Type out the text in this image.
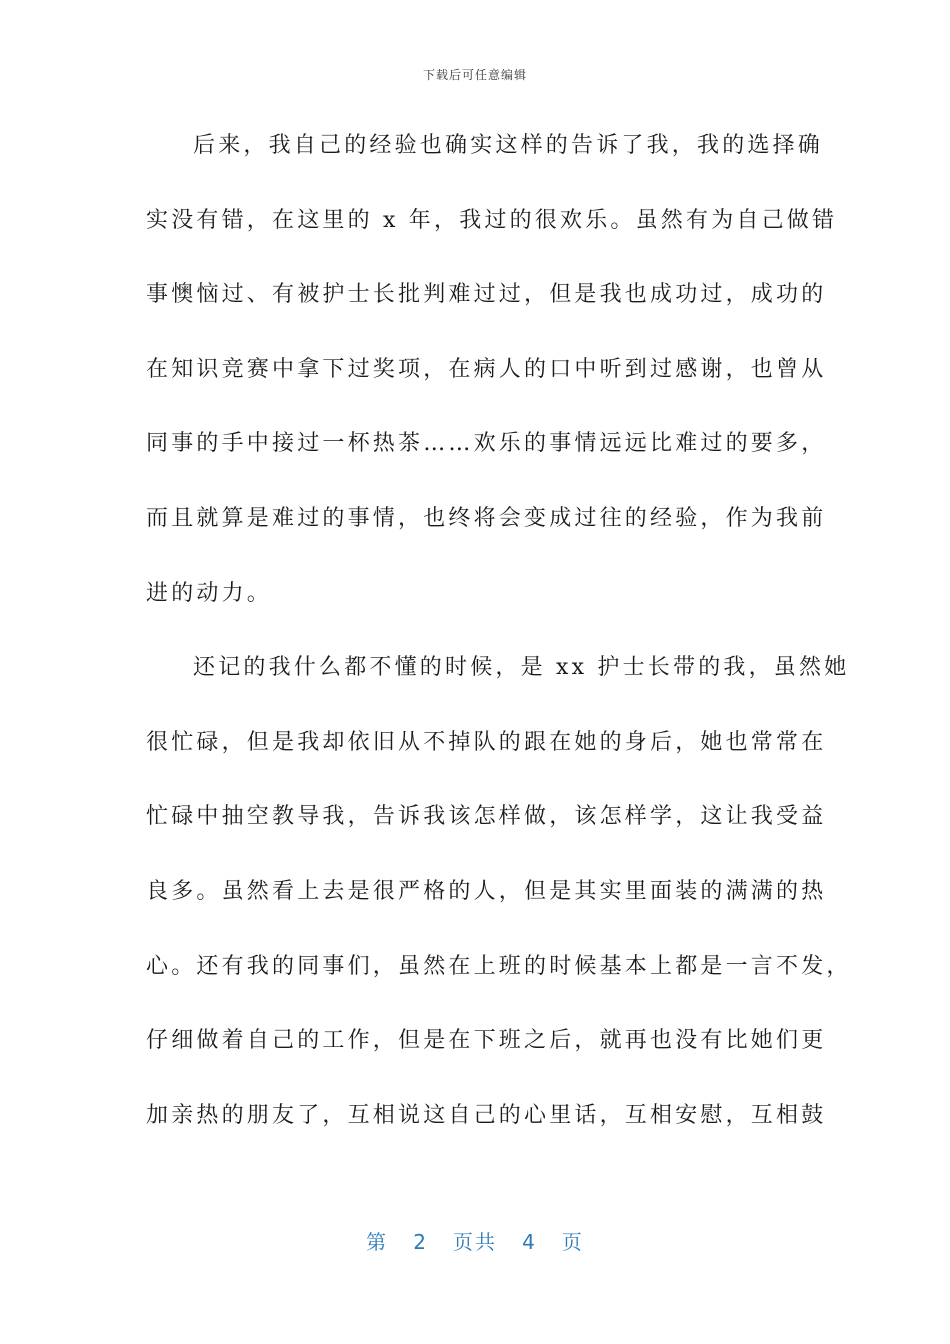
下载后可任意编辑
后来，我自己的经验也确实这样的告诉了我，我的选择确
实没有错，在这里的 x 年，我过的很欢乐。虽然有为自己做错
事懊恼过、有被护士长批判难过过，但是我也成功过，成功的
在知识竞赛中拿下过奖项，在病人的口中听到过感谢，也曾从
同事的手中接过一杯热茶……欢乐的事情远远比难过的要多，
而且就算是难过的事情，也终将会变成过往的经验，作为我前
进的动力。
还记的我什么都不懂的时候，是 xx 护士长带的我，虽然她
很忙碌，但是我却依旧从不掉队的跟在她的身后，她也常常在
忙碌中抽空教导我，告诉我该怎样做，该怎样学，这让我受益
良多。虽然看上去是很严格的人，但是其实里面装的满满的热
心。还有我的同事们，虽然在上班的时候基本上都是一言不发，
仔细做着自己的工作，但是在下班之后，就再也没有比她们更
加亲热的朋友了，互相说这自己的心里话，互相安慰，互相鼓
第 2 页共 4 页
